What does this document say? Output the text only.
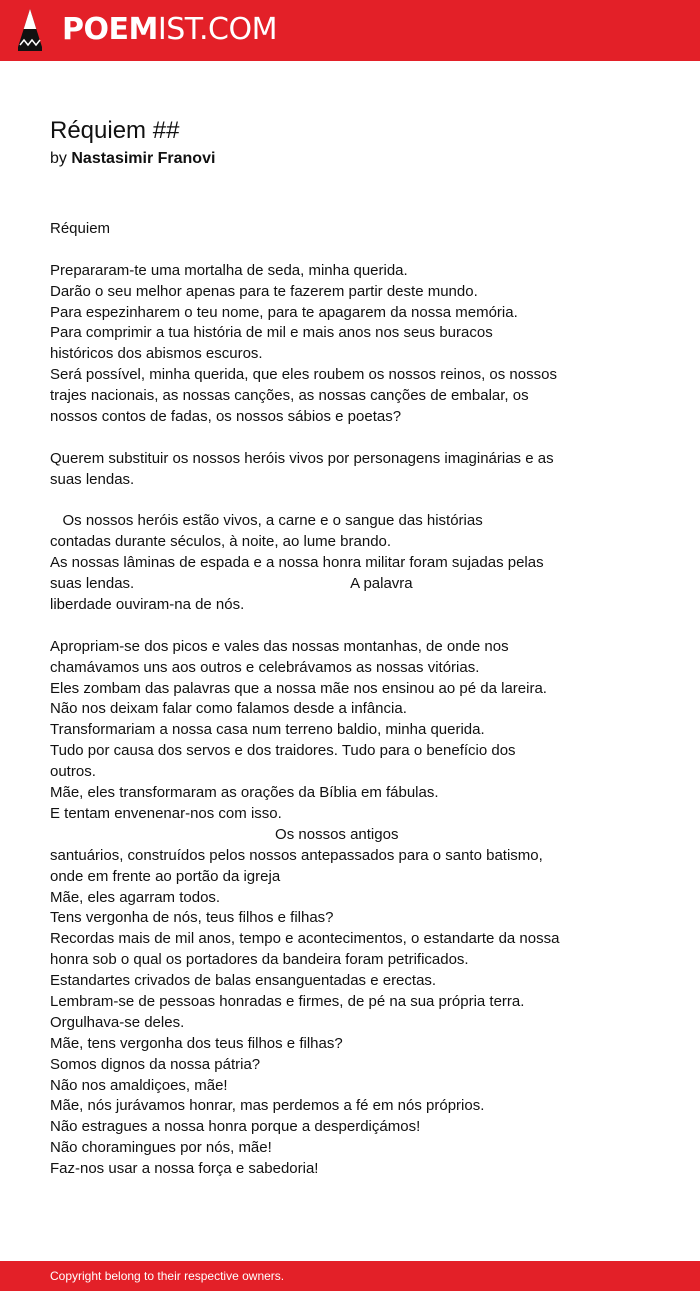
POEMIST.COM
Réquiem ##
by Nastasimir Franovi
Réquiem
Prepararam-te uma mortalha de seda, minha querida.
Darão o seu melhor apenas para te fazerem partir deste mundo.
Para espezinharem o teu nome, para te apagarem da nossa memória.
Para comprimir a tua história de mil e mais anos nos seus buracos
históricos dos abismos escuros.
Será possível, minha querida, que eles roubem os nossos reinos, os nossos
trajes nacionais, as nossas canções, as nossas canções de embalar, os
nossos contos de fadas, os nossos sábios e poetas?
Querem substituir os nossos heróis vivos por personagens imaginárias e as
suas lendas.
Os nossos heróis estão vivos, a carne e o sangue das histórias
contadas durante séculos, à noite, ao lume brando.
As nossas lâminas de espada e a nossa honra militar foram sujadas pelas
suas lendas.                                                    A palavra
liberdade ouviram-na de nós.
Apropriam-se dos picos e vales das nossas montanhas, de onde nos
chamávamos uns aos outros e celebrávamos as nossas vitórias.
Eles zombam das palavras que a nossa mãe nos ensinou ao pé da lareira.
Não nos deixam falar como falamos desde a infância.
Transformariam a nossa casa num terreno baldio, minha querida.
Tudo por causa dos servos e dos traidores. Tudo para o benefício dos
outros.
Mãe, eles transformaram as orações da Bíblia em fábulas.
E tentam envenenar-nos com isso.
Os nossos antigos
santuários, construídos pelos nossos antepassados para o santo batismo,
onde em frente ao portão da igreja
Mãe, eles agarram todos.
Tens vergonha de nós, teus filhos e filhas?
Recordas mais de mil anos, tempo e acontecimentos, o estandarte da nossa
honra sob o qual os portadores da bandeira foram petrificados.
Estandartes crivados de balas ensanguentadas e erectas.
Lembram-se de pessoas honradas e firmes, de pé na sua própria terra.
Orgulhava-se deles.
Mãe, tens vergonha dos teus filhos e filhas?
Somos dignos da nossa pátria?
Não nos amaldiçoes, mãe!
Mãe, nós jurávamos honrar, mas perdemos a fé em nós próprios.
Não estragues a nossa honra porque a desperdiçámos!
Não choramingues por nós, mãe!
Faz-nos usar a nossa força e sabedoria!
Copyright belong to their respective owners.
